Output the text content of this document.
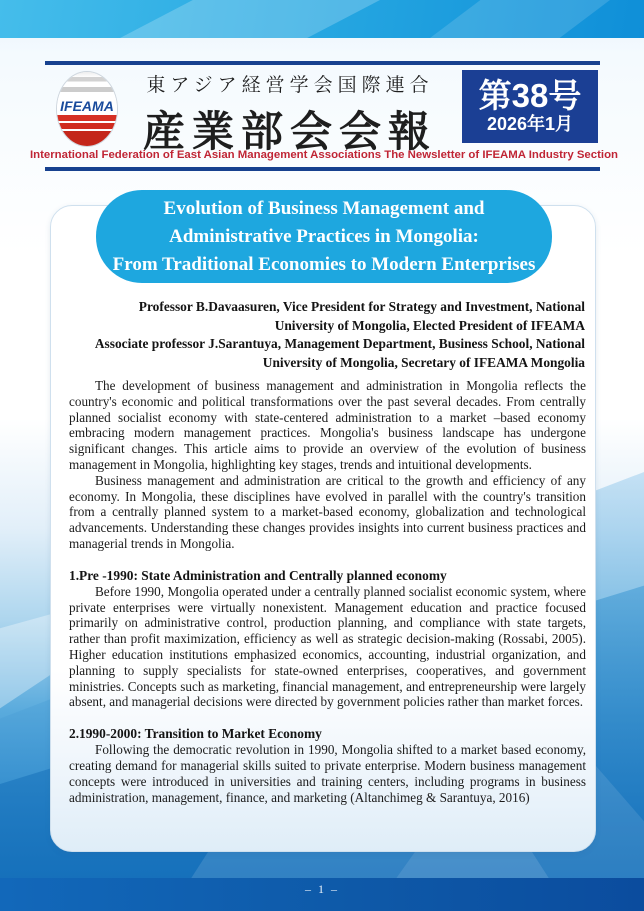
IFEAMA
東アジア経営学会国際連合
産業部会会報
第38号
2026年1月
International Federation of East Asian Management Associations The Newsletter of IFEAMA Industry Section
Evolution of Business Management and
Administrative Practices in Mongolia:
From Traditional Economies to Modern Enterprises
Professor B.Davaasuren, Vice President for Strategy and Investment, National
University of Mongolia, Elected President of IFEAMA
Associate professor J.Sarantuya, Management Department, Business School, National
University of Mongolia, Secretary of IFEAMA Mongolia

The development of business management and administration in Mongolia reflects the country's economic and political transformations over the past several decades. From centrally planned socialist economy with state-centered administration to a market –based economy embracing modern management practices. Mongolia's business landscape has undergone significant changes. This article aims to provide an overview of the evolution of business management in Mongolia, highlighting key stages, trends and intuitional developments.

Business management and administration are critical to the growth and efficiency of any economy. In Mongolia, these disciplines have evolved in parallel with the country's transition from a centrally planned system to a market-based economy, globalization and technological advancements. Understanding these changes provides insights into current business practices and managerial trends in Mongolia.

1.Pre -1990: State Administration and Centrally planned economy

Before 1990, Mongolia operated under a centrally planned socialist economic system, where private enterprises were virtually nonexistent. Management education and practice focused primarily on administrative control, production planning, and compliance with state targets, rather than profit maximization, efficiency as well as strategic decision-making (Rossabi, 2005). Higher education institutions emphasized economics, accounting, industrial organization, and planning to supply specialists for state-owned enterprises, cooperatives, and government ministries. Concepts such as marketing, financial management, and entrepreneurship were largely absent, and managerial decisions were directed by government policies rather than market forces.

2.1990-2000: Transition to Market Economy

Following the democratic revolution in 1990, Mongolia shifted to a market based economy, creating demand for managerial skills suited to private enterprise. Modern business management concepts were introduced in universities and training centers, including programs in business administration, management, finance, and marketing (Altanchimeg & Sarantuya, 2016)

– 1 –
